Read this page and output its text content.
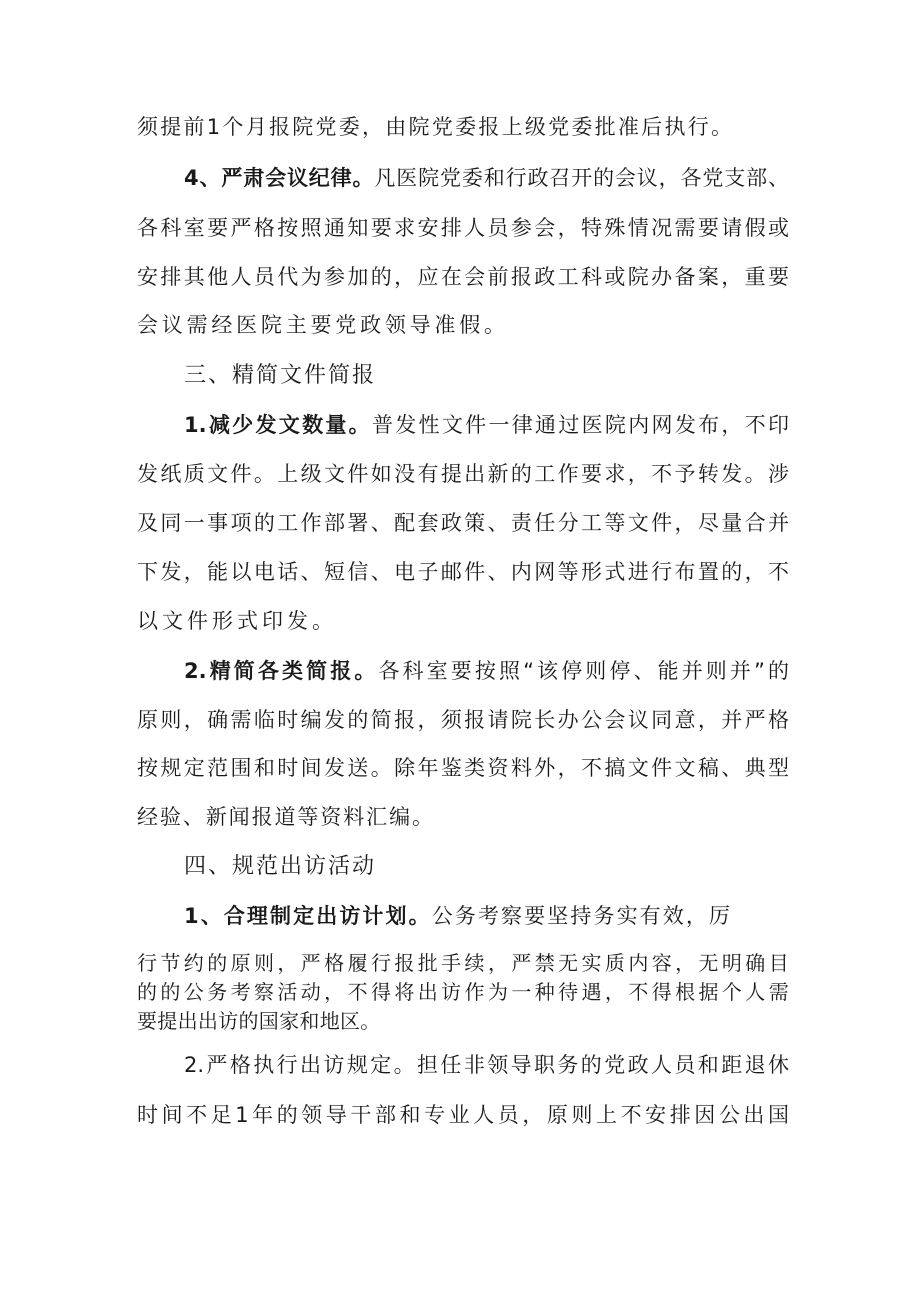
须提前1个月报院党委，由院党委报上级党委批准后执行。
4、严肃会议纪律。凡医院党委和行政召开的会议，各党支部、
各科室要严格按照通知要求安排人员参会，特殊情况需要请假或
安排其他人员代为参加的，应在会前报政工科或院办备案，重要
会议需经医院主要党政领导准假。
三、精简文件简报
1.减少发文数量。普发性文件一律通过医院内网发布，不印
发纸质文件。上级文件如没有提出新的工作要求，不予转发。涉
及同一事项的工作部署、配套政策、责任分工等文件，尽量合并
下发，能以电话、短信、电子邮件、内网等形式进行布置的，不
以文件形式印发。
2.精简各类简报。各科室要按照“该停则停、能并则并”的
原则，确需临时编发的简报，须报请院长办公会议同意，并严格
按规定范围和时间发送。除年鉴类资料外，不搞文件文稿、典型
经验、新闻报道等资料汇编。
四、规范出访活动
1、合理制定出访计划。公务考察要坚持务实有效，厉
行节约的原则，严格履行报批手续，严禁无实质内容，无明确目
的的公务考察活动，不得将出访作为一种待遇，不得根据个人需
要提出出访的国家和地区。
2.严格执行出访规定。担任非领导职务的党政人员和距退休
时间不足1年的领导干部和专业人员，原则上不安排因公出国
